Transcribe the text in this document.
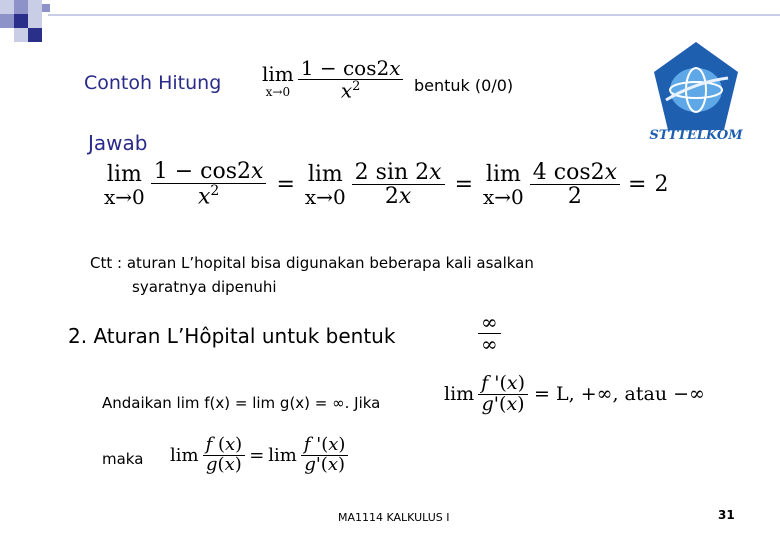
Contoh Hitung lim
$x\to 0 \frac{1 - \cos 2x}{x^2}$ bentuk (0/0)
STTTELKOM
Jawab
lim
$x\to 0 \frac{1 - \cos 2x}{x^2} = \lim$
$x\to 0 \frac{2 \sin 2x}{2x} = \lim$
$x\to 0 \frac{4 \cos 2x}{2} = 2$
Ctt : aturan L’hopital bisa digunakan beberapa kali asalkan
syaratnya dipenuhi
2. Aturan L’Hôpital untuk bentuk	$\frac{\infty}{\infty}$
Andaikan lim f(x) = lim g(x) = ∞. Jika	$\lim \frac{f '(x)}{g'(x)} = L$, +∞, atau −∞
maka $\lim \frac{f (x)}{g(x)} = \lim \frac{f '(x)}{g'(x)}$
MA1114 KALKULUS I	31
